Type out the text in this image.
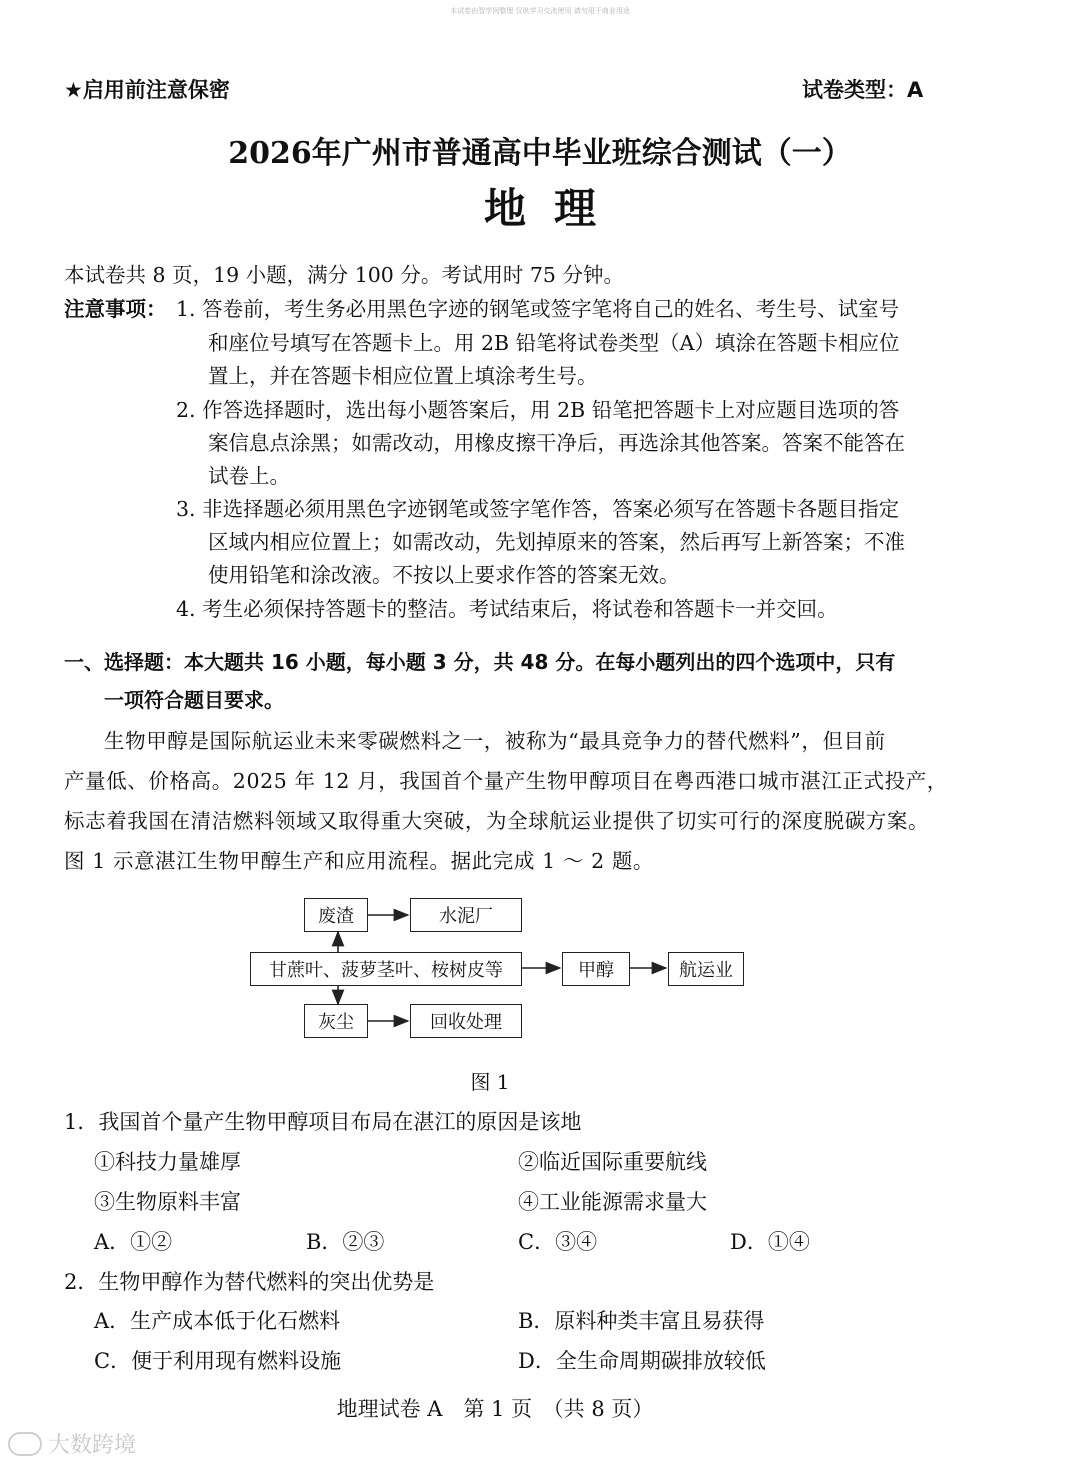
本试卷由智学网整理 仅供学习交流使用 请勿用于商业用途
★启用前注意保密	试卷类型：A
2026年广州市普通高中毕业班综合测试（一）
地 理
本试卷共 8 页，19 小题，满分 100 分。考试用时 75 分钟。
注意事项： 1. 答卷前，考生务必用黑色字迹的钢笔或签字笔将自己的姓名、考生号、试室号
和座位号填写在答题卡上。用 2B 铅笔将试卷类型（A）填涂在答题卡相应位
置上，并在答题卡相应位置上填涂考生号。
2. 作答选择题时，选出每小题答案后，用 2B 铅笔把答题卡上对应题目选项的答
案信息点涂黑；如需改动，用橡皮擦干净后，再选涂其他答案。答案不能答在
试卷上。
3. 非选择题必须用黑色字迹钢笔或签字笔作答，答案必须写在答题卡各题目指定
区域内相应位置上；如需改动，先划掉原来的答案，然后再写上新答案；不准
使用铅笔和涂改液。不按以上要求作答的答案无效。
4. 考生必须保持答题卡的整洁。考试结束后，将试卷和答题卡一并交回。
一、选择题：本大题共 16 小题，每小题 3 分，共 48 分。在每小题列出的四个选项中，只有
一项符合题目要求。
生物甲醇是国际航运业未来零碳燃料之一，被称为“最具竞争力的替代燃料”，但目前
产量低、价格高。2025 年 12 月，我国首个量产生物甲醇项目在粤西港口城市湛江正式投产，
标志着我国在清洁燃料领域又取得重大突破，为全球航运业提供了切实可行的深度脱碳方案。
图 1 示意湛江生物甲醇生产和应用流程。据此完成 1 ～ 2 题。
废渣	水泥厂
甘蔗叶、菠萝茎叶、桉树皮等	甲醇	航运业
灰尘	回收处理
图 1
1．我国首个量产生物甲醇项目布局在湛江的原因是该地
①科技力量雄厚	②临近国际重要航线
③生物原料丰富	④工业能源需求量大
A．①②	B．②③	C．③④	D．①④
2．生物甲醇作为替代燃料的突出优势是
A．生产成本低于化石燃料	B．原料种类丰富且易获得
C．便于利用现有燃料设施	D．全生命周期碳排放较低
地理试卷 A　第 1 页　（共 8 页）
大数跨境
